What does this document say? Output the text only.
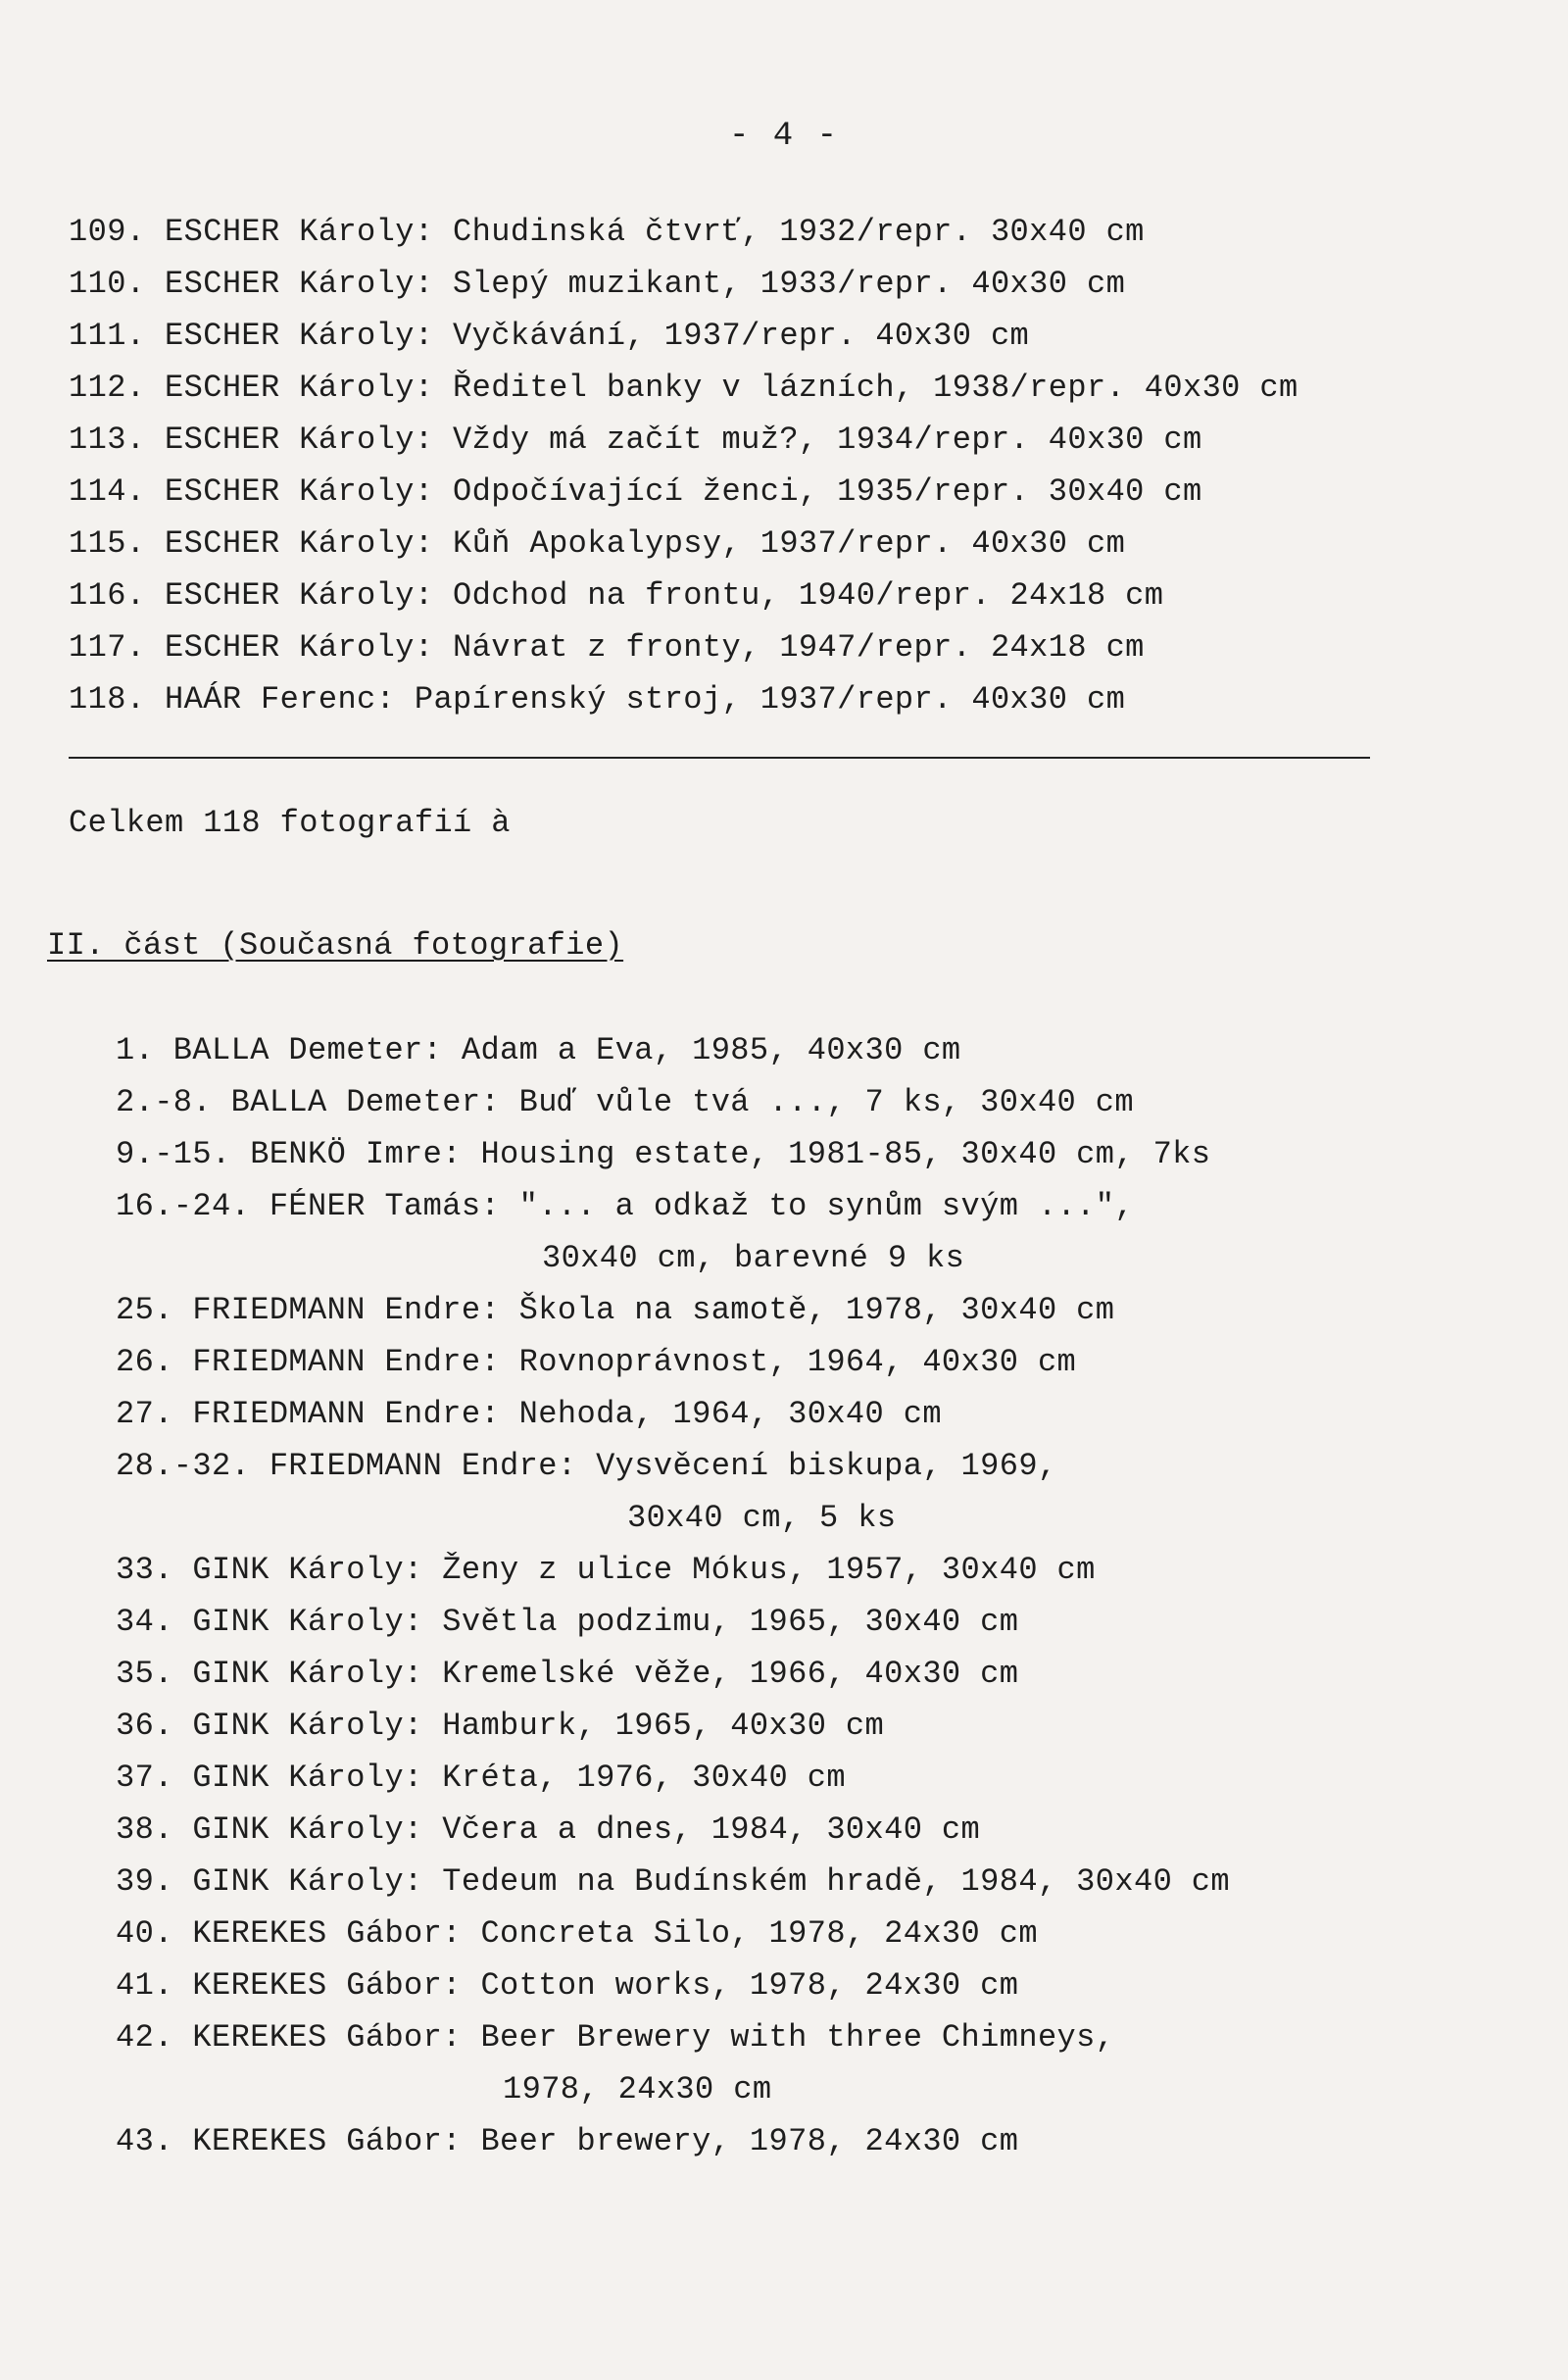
- 4 -
109. ESCHER Károly: Chudinská čtvrť, 1932/repr. 30x40 cm
110. ESCHER Károly: Slepý muzikant, 1933/repr. 40x30 cm
111. ESCHER Károly: Vyčkávání, 1937/repr. 40x30 cm
112. ESCHER Károly: Ředitel banky v lázních, 1938/repr. 40x30 cm
113. ESCHER Károly: Vždy má začít muž?, 1934/repr. 40x30 cm
114. ESCHER Károly: Odpočívající ženci, 1935/repr. 30x40 cm
115. ESCHER Károly: Kůň Apokalypsy, 1937/repr. 40x30 cm
116. ESCHER Károly: Odchod na frontu, 1940/repr. 24x18 cm
117. ESCHER Károly: Návrat z fronty, 1947/repr. 24x18 cm
118. HAÁR Ferenc: Papírenský stroj, 1937/repr. 40x30 cm
Celkem 118 fotografií à
II. část (Současná fotografie)
1. BALLA Demeter: Adam a Eva, 1985, 40x30 cm
2.-8. BALLA Demeter: Buď vůle tvá ..., 7 ks, 30x40 cm
9.-15. BENKÖ Imre: Housing estate, 1981-85, 30x40 cm, 7ks
16.-24. FÉNER Tamás: "... a odkaž to synům svým ...",
30x40 cm, barevné 9 ks
25. FRIEDMANN Endre: Škola na samotě, 1978, 30x40 cm
26. FRIEDMANN Endre: Rovnoprávnost, 1964, 40x30 cm
27. FRIEDMANN Endre: Nehoda, 1964, 30x40 cm
28.-32. FRIEDMANN Endre: Vysvěcení biskupa, 1969,
30x40 cm, 5 ks
33. GINK Károly: Ženy z ulice Mókus, 1957, 30x40 cm
34. GINK Károly: Světla podzimu, 1965, 30x40 cm
35. GINK Károly: Kremelské věže, 1966, 40x30 cm
36. GINK Károly: Hamburk, 1965, 40x30 cm
37. GINK Károly: Kréta, 1976, 30x40 cm
38. GINK Károly: Včera a dnes, 1984, 30x40 cm
39. GINK Károly: Tedeum na Budínském hradě, 1984, 30x40 cm
40. KEREKES Gábor: Concreta Silo, 1978, 24x30 cm
41. KEREKES Gábor: Cotton works, 1978, 24x30 cm
42. KEREKES Gábor: Beer Brewery with three Chimneys,
1978, 24x30 cm
43. KEREKES Gábor: Beer brewery, 1978, 24x30 cm
